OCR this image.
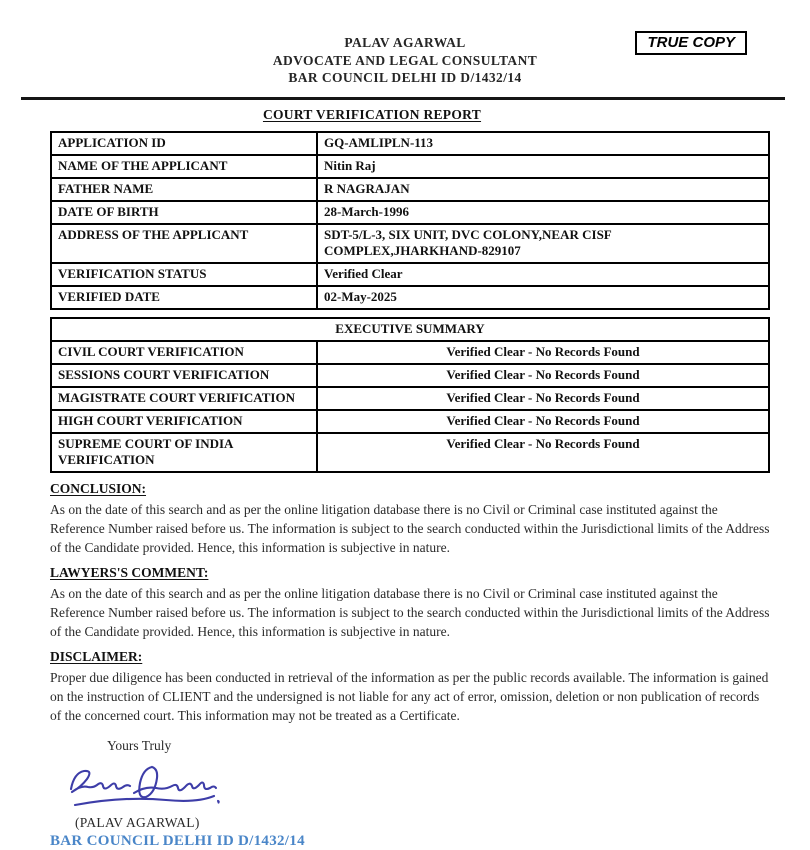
TRUE COPY
PALAV AGARWAL
ADVOCATE AND LEGAL CONSULTANT
BAR COUNCIL DELHI ID D/1432/14
COURT VERIFICATION REPORT
APPLICATION ID	GQ-AMLIPLN-113
NAME OF THE APPLICANT	Nitin Raj
FATHER NAME	R NAGRAJAN
DATE OF BIRTH	28-March-1996
ADDRESS OF THE APPLICANT	SDT-5/L-3, SIX UNIT, DVC COLONY,NEAR CISF COMPLEX,JHARKHAND-829107
VERIFICATION STATUS	Verified Clear
VERIFIED DATE	02-May-2025
EXECUTIVE SUMMARY	
CIVIL COURT VERIFICATION	Verified Clear - No Records Found
SESSIONS COURT VERIFICATION	Verified Clear - No Records Found
MAGISTRATE COURT VERIFICATION	Verified Clear - No Records Found
HIGH COURT VERIFICATION	Verified Clear - No Records Found
SUPREME COURT OF INDIA VERIFICATION	Verified Clear - No Records Found
CONCLUSION:
As on the date of this search and as per the online litigation database there is no Civil or Criminal case instituted against the Reference Number raised before us. The information is subject to the search conducted within the Jurisdictional limits of the Address of the Candidate provided. Hence, this information is subjective in nature.
LAWYERS'S COMMENT:
As on the date of this search and as per the online litigation database there is no Civil or Criminal case instituted against the Reference Number raised before us. The information is subject to the search conducted within the Jurisdictional limits of the Address of the Candidate provided. Hence, this information is subjective in nature.
DISCLAIMER:
Proper due diligence has been conducted in retrieval of the information as per the public records available. The information is gained on the instruction of CLIENT and the undersigned is not liable for any act of error, omission, deletion or non publication of records of the concerned court. This information may not be treated as a Certificate.
Yours Truly
(PALAV AGARWAL)
BAR COUNCIL DELHI ID D/1432/14
